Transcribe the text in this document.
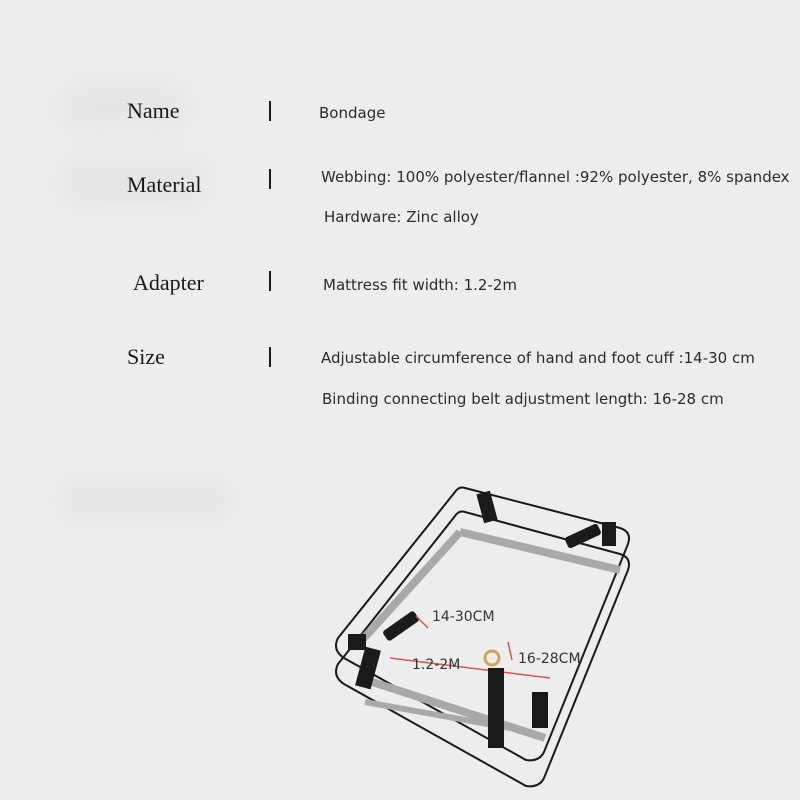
Name	Bondage
Material	Webbing: 100% polyester/flannel :92% polyester, 8% spandex
Hardware: Zinc alloy
Adapter	Mattress fit width: 1.2-2m
Size	Adjustable circumference of hand and foot cuff :14-30 cm
Binding connecting belt adjustment length: 16-28 cm
14-30CM
1.2-2M	16-28CM
